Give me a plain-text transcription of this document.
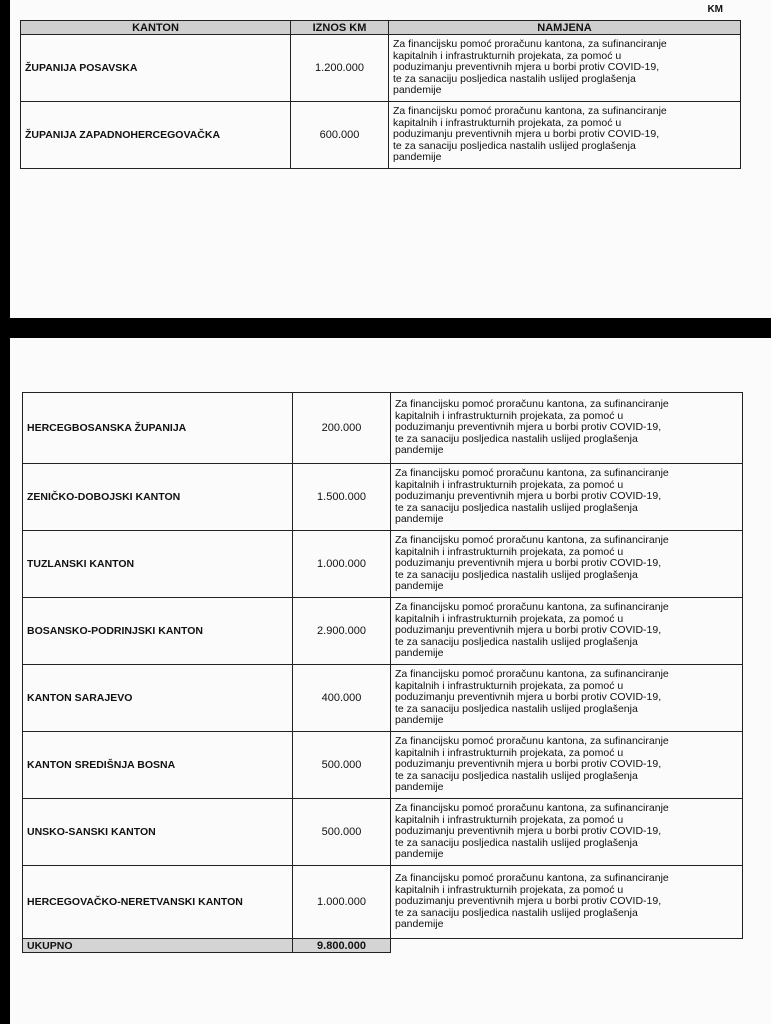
KM
KANTON	IZNOS KM	NAMJENA
ŽUPANIJA POSAVSKA	1.200.000	Za financijsku pomoć proračunu kantona, za sufinanciranje
kapitalnih i infrastrukturnih projekata, za pomoć u
poduzimanju preventivnih mjera u borbi protiv COVID-19,
te za sanaciju posljedica nastalih uslijed proglašenja
pandemije

ŽUPANIJA ZAPADNOHERCEGOVAČKA	600.000	Za financijsku pomoć proračunu kantona, za sufinanciranje
kapitalnih i infrastrukturnih projekata, za pomoć u
poduzimanju preventivnih mjera u borbi protiv COVID-19,
te za sanaciju posljedica nastalih uslijed proglašenja
pandemije
HERCEGBOSANSKA ŽUPANIJA	200.000	Za financijsku pomoć proračunu kantona, za sufinanciranje
kapitalnih i infrastrukturnih projekata, za pomoć u
poduzimanju preventivnih mjera u borbi protiv COVID-19,
te za sanaciju posljedica nastalih uslijed proglašenja
pandemije

ZENIČKO-DOBOJSKI KANTON	1.500.000	Za financijsku pomoć proračunu kantona, za sufinanciranje
kapitalnih i infrastrukturnih projekata, za pomoć u
poduzimanju preventivnih mjera u borbi protiv COVID-19,
te za sanaciju posljedica nastalih uslijed proglašenja
pandemije

TUZLANSKI KANTON	1.000.000	Za financijsku pomoć proračunu kantona, za sufinanciranje
kapitalnih i infrastrukturnih projekata, za pomoć u
poduzimanju preventivnih mjera u borbi protiv COVID-19,
te za sanaciju posljedica nastalih uslijed proglašenja
pandemije

BOSANSKO-PODRINJSKI KANTON	2.900.000	Za financijsku pomoć proračunu kantona, za sufinanciranje
kapitalnih i infrastrukturnih projekata, za pomoć u
poduzimanju preventivnih mjera u borbi protiv COVID-19,
te za sanaciju posljedica nastalih uslijed proglašenja
pandemije

KANTON SARAJEVO	400.000	Za financijsku pomoć proračunu kantona, za sufinanciranje
kapitalnih i infrastrukturnih projekata, za pomoć u
poduzimanju preventivnih mjera u borbi protiv COVID-19,
te za sanaciju posljedica nastalih uslijed proglašenja
pandemije

KANTON SREDIŠNJA BOSNA	500.000	Za financijsku pomoć proračunu kantona, za sufinanciranje
kapitalnih i infrastrukturnih projekata, za pomoć u
poduzimanju preventivnih mjera u borbi protiv COVID-19,
te za sanaciju posljedica nastalih uslijed proglašenja
pandemije

UNSKO-SANSKI KANTON	500.000	Za financijsku pomoć proračunu kantona, za sufinanciranje
kapitalnih i infrastrukturnih projekata, za pomoć u
poduzimanju preventivnih mjera u borbi protiv COVID-19,
te za sanaciju posljedica nastalih uslijed proglašenja
pandemije

HERCEGOVAČKO-NERETVANSKI KANTON	1.000.000	Za financijsku pomoć proračunu kantona, za sufinanciranje
kapitalnih i infrastrukturnih projekata, za pomoć u
poduzimanju preventivnih mjera u borbi protiv COVID-19,
te za sanaciju posljedica nastalih uslijed proglašenja
pandemije

UKUPNO	9.800.000	
